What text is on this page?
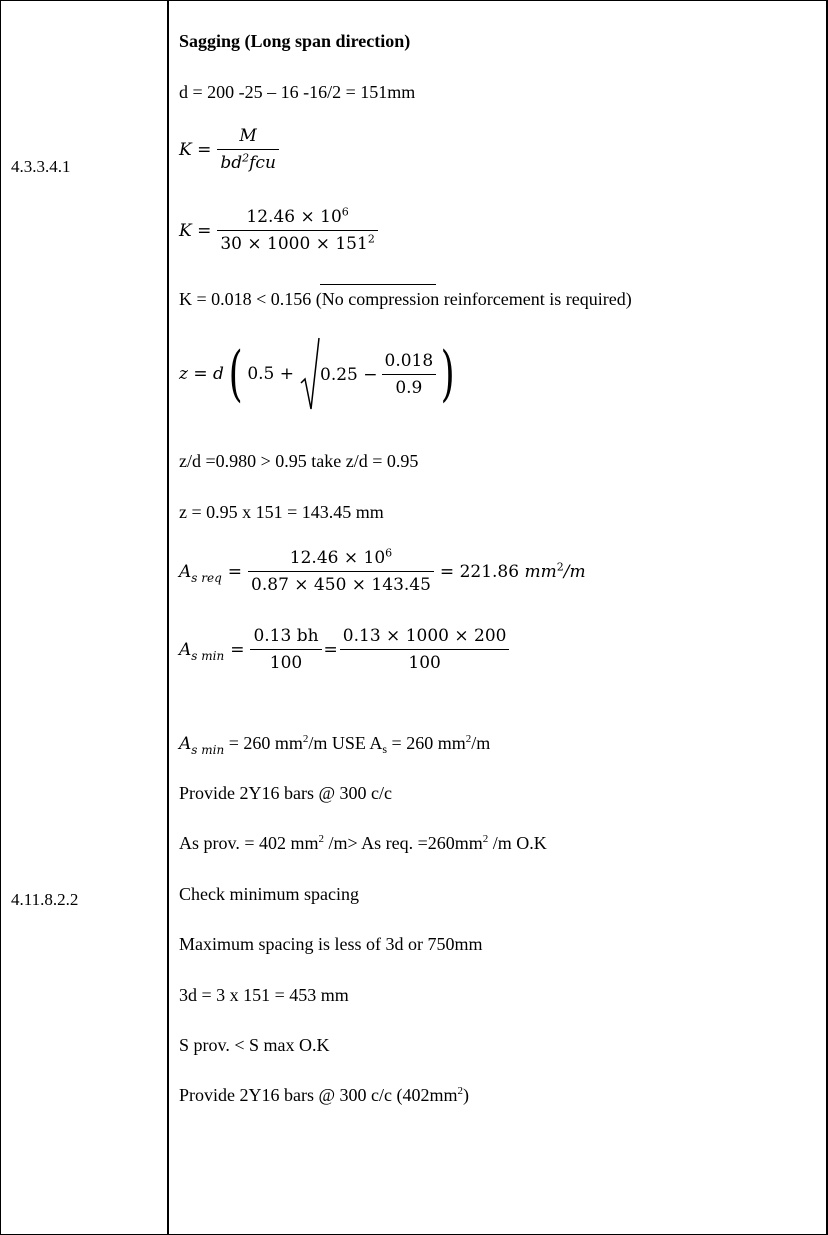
4.3.3.4.1
4.11.8.2.2
Sagging (Long span direction)
d = 200 -25 – 16 -16/2 = 151mm
$K = \frac{M}{bd^2fcu}$
$K = \frac{12.46 \times 10^6}{30 \times 1000 \times 151^2}$
K = 0.018 < 0.156 (No compression reinforcement is required)
z = d ( $0.5 + 0.25 - \frac{0.018}{0.9}$ )
z/d =0.980 > 0.95 take z/d = 0.95
z = 0.95 x 151 = 143.45 mm
$A_{s req} = \frac{12.46 \times 10^6}{0.87 \times 450 \times 143.45} = 221.86$ $mm^2/m$
$A_{s min} = \frac{0.13 bh}{100} = \frac{0.13 \times 1000 \times 200}{100}$
$A_{s min} = 260$ $mm^2/m$ USE $A_s = 260$ $mm^2/m$
Provide 2Y16 bars @ 300 c/c
As prov. = 402 $mm^2$ /m> As req. $=260mm^2$ /m O.K
Check minimum spacing
Maximum spacing is less of 3d or 750mm
3d = 3 x 151 = 453 mm
S prov. < S max O.K
Provide 2Y16 bars @ 300 c/c $(402mm^2)$
